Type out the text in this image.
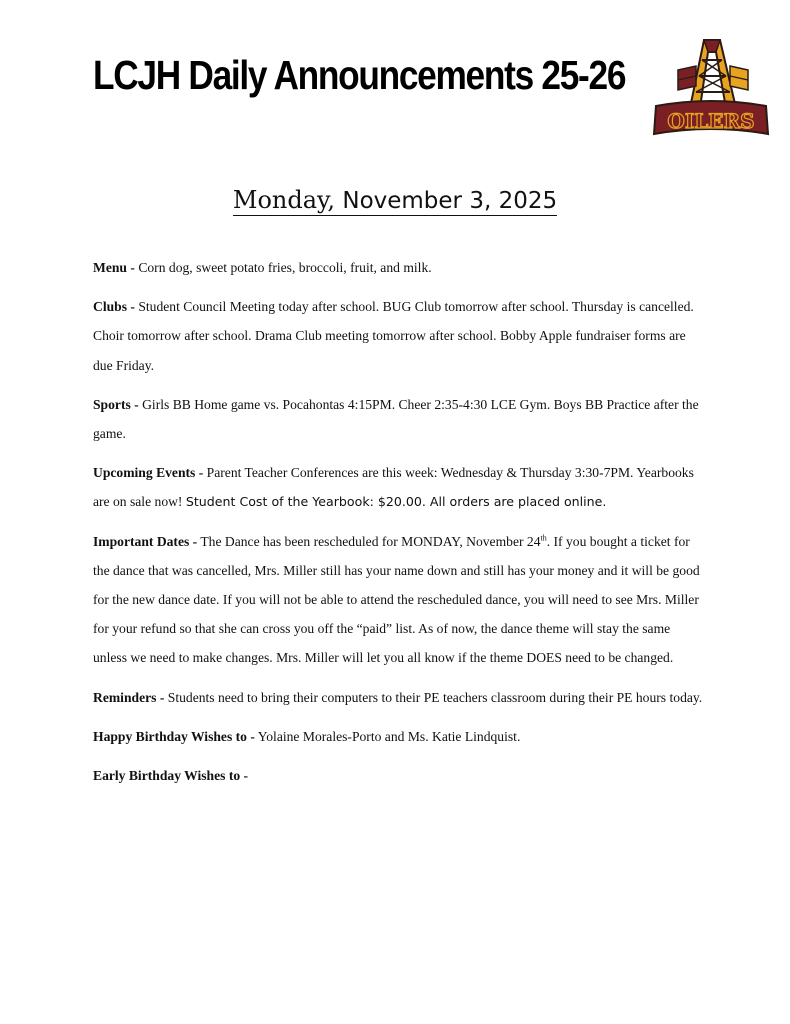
LCJH Daily Announcements 25-26
OILERS
Monday, November 3, 2025

Menu - Corn dog, sweet potato fries, broccoli, fruit, and milk.

Clubs - Student Council Meeting today after school. BUG Club tomorrow after school. Thursday is cancelled. Choir tomorrow after school. Drama Club meeting tomorrow after school. Bobby Apple fundraiser forms are due Friday.

Sports - Girls BB Home game vs. Pocahontas 4:15PM. Cheer 2:35-4:30 LCE Gym. Boys BB Practice after the game.

Upcoming Events - Parent Teacher Conferences are this week: Wednesday & Thursday 3:30-7PM. Yearbooks are on sale now! Student Cost of the Yearbook: $20.00. All orders are placed online.

Important Dates - The Dance has been rescheduled for MONDAY, November 24th. If you bought a ticket for the dance that was cancelled, Mrs. Miller still has your name down and still has your money and it will be good for the new dance date. If you will not be able to attend the rescheduled dance, you will need to see Mrs. Miller for your refund so that she can cross you off the “paid” list. As of now, the dance theme will stay the same unless we need to make changes. Mrs. Miller will let you all know if the theme DOES need to be changed.

Reminders - Students need to bring their computers to their PE teachers classroom during their PE hours today.

Happy Birthday Wishes to - Yolaine Morales-Porto and Ms. Katie Lindquist.

Early Birthday Wishes to -
